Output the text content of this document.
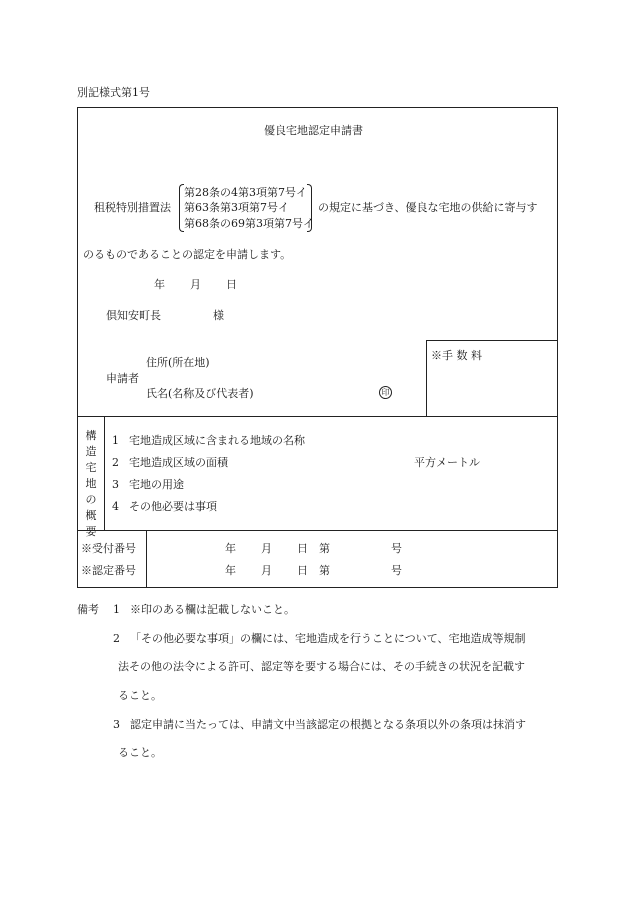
別記様式第1号
優良宅地認定申請書
租税特別措置法
第28条の4第3項第7号イ
第63条第3項第7号イ
第68条の69第3項第7号イ
の規定に基づき、優良な宅地の供給に寄与す
のるものであることの認定を申請します。
年 月 日
倶知安町長	様
※手 数 料
住所(所在地)
申請者
氏名(名称及び代表者)	印
構
造
宅
地
の
概
要
1 宅地造成区域に含まれる地域の名称
2 宅地造成区域の面積	平方メートル
3 宅地の用途
4 その他必要は事項
※受付番号	年 月 日 第	号
※認定番号	年 月 日 第	号
備考 1 ※印のある欄は記載しないこと。
2 「その他必要な事項」の欄には、宅地造成を行うことについて、宅地造成等規制
法その他の法令による許可、認定等を要する場合には、その手続きの状況を記載す
ること。
3 認定申請に当たっては、申請文中当該認定の根拠となる条項以外の条項は抹消す
ること。
